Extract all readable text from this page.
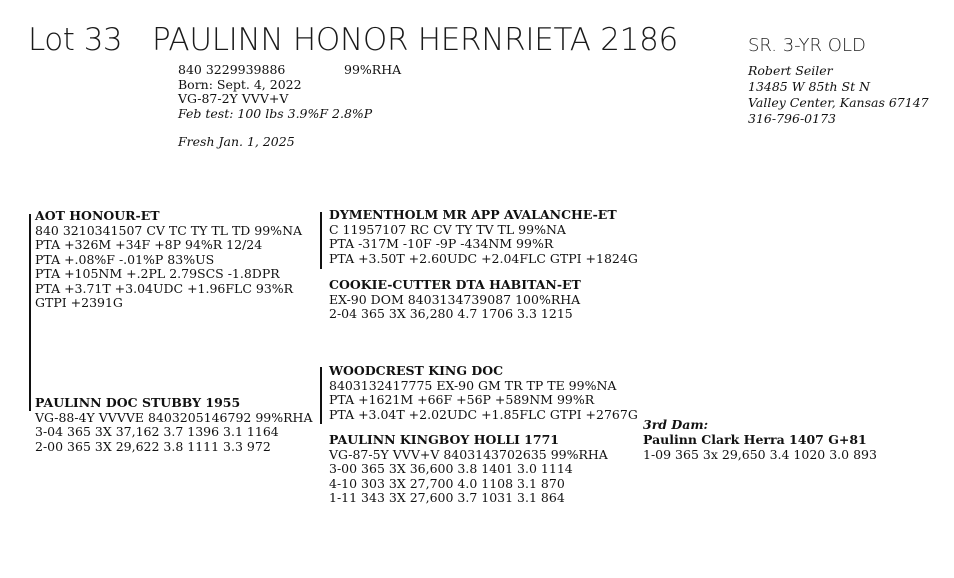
Lot 33 PAULINN HONOR HERNRIETA 2186	SR. 3-YR OLD
840 3229939886	99%RHA
Born: Sept. 4, 2022
VG-87-2Y VVV+V
Feb test: 100 lbs 3.9%F 2.8%P
Fresh Jan. 1, 2025
Robert Seiler
13485 W 85th St N
Valley Center, Kansas 67147
316-796-0173
AOT HONOUR-ET
840 3210341507 CV TC TY TL TD 99%NA
PTA +326M +34F +8P 94%R 12/24
PTA +.08%F -.01%P 83%US
PTA +105NM +.2PL 2.79SCS -1.8DPR
PTA +3.71T +3.04UDC +1.96FLC 93%R
GTPI +2391G
DYMENTHOLM MR APP AVALANCHE-ET
C 11957107 RC CV TY TV TL 99%NA
PTA -317M -10F -9P -434NM 99%R
PTA +3.50T +2.60UDC +2.04FLC GTPI +1824G
COOKIE-CUTTER DTA HABITAN-ET
EX-90 DOM 8403134739087 100%RHA
2-04 365 3X 36,280 4.7 1706 3.3 1215
PAULINN DOC STUBBY 1955
VG-88-4Y VVVVE 8403205146792 99%RHA
3-04 365 3X 37,162 3.7 1396 3.1 1164
2-00 365 3X 29,622 3.8 1111 3.3 972
WOODCREST KING DOC
8403132417775 EX-90 GM TR TP TE 99%NA
PTA +1621M +66F +56P +589NM 99%R
PTA +3.04T +2.02UDC +1.85FLC GTPI +2767G
PAULINN KINGBOY HOLLI 1771
VG-87-5Y VVV+V 8403143702635 99%RHA
3-00 365 3X 36,600 3.8 1401 3.0 1114
4-10 303 3X 27,700 4.0 1108 3.1 870
1-11 343 3X 27,600 3.7 1031 3.1 864
3rd Dam:
Paulinn Clark Herra 1407 G+81
1-09 365 3x 29,650 3.4 1020 3.0 893
